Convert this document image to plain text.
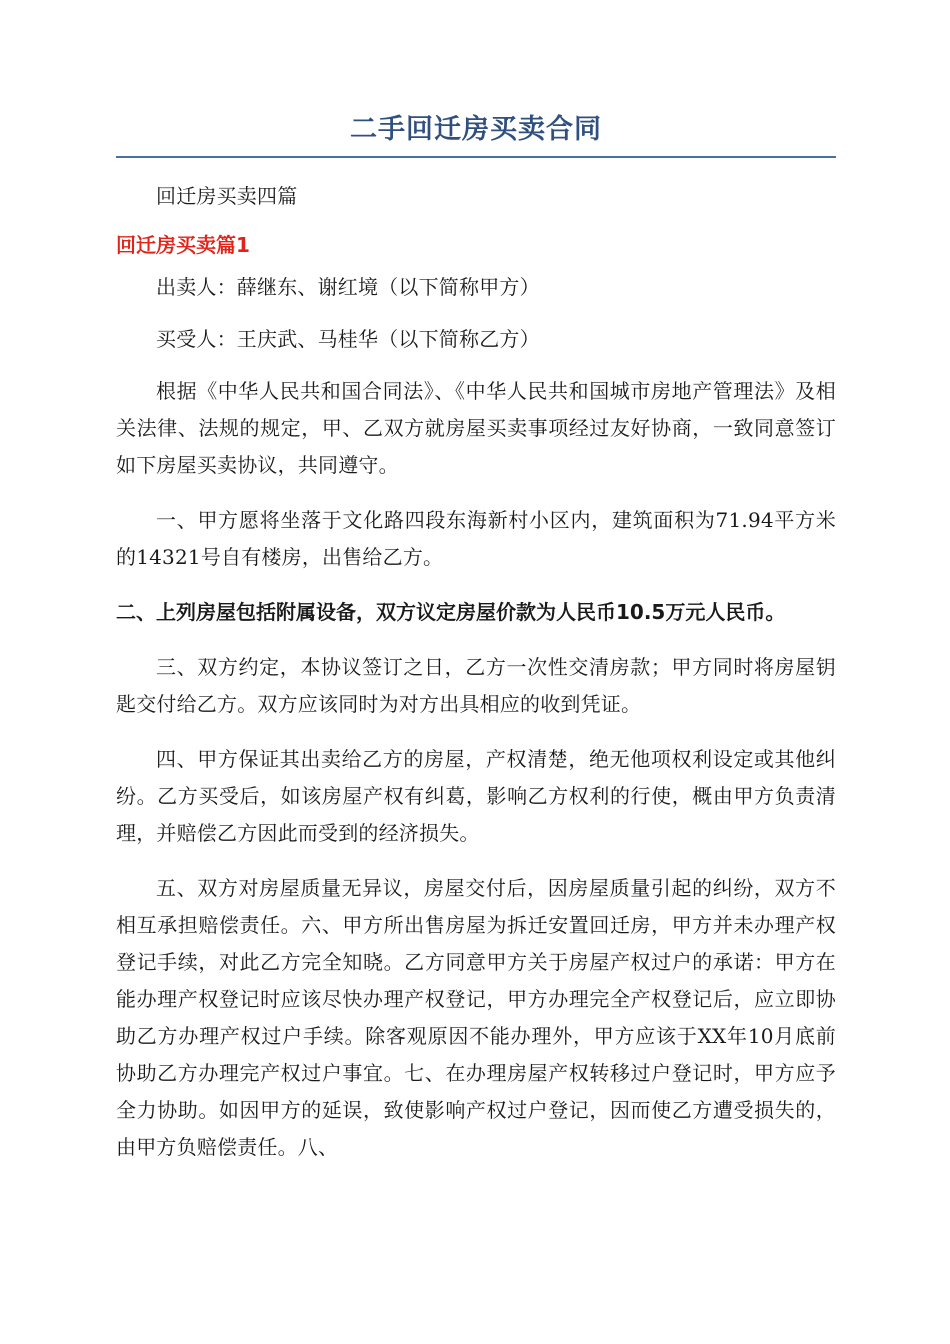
二手回迁房买卖合同

回迁房买卖四篇

回迁房买卖篇1

出卖人：薛继东、谢红境（以下简称甲方）

买受人：王庆武、马桂华（以下简称乙方）

根据《中华人民共和国合同法》、《中华人民共和国城市房地产管理法》及相关法律、法规的规定，甲、乙双方就房屋买卖事项经过友好协商，一致同意签订如下房屋买卖协议，共同遵守。

一、甲方愿将坐落于文化路四段东海新村小区内，建筑面积为71.94平方米的14321号自有楼房，出售给乙方。

二、上列房屋包括附属设备，双方议定房屋价款为人民币10.5万元人民币。

三、双方约定，本协议签订之日，乙方一次性交清房款；甲方同时将房屋钥匙交付给乙方。双方应该同时为对方出具相应的收到凭证。

四、甲方保证其出卖给乙方的房屋，产权清楚，绝无他项权利设定或其他纠纷。乙方买受后，如该房屋产权有纠葛，影响乙方权利的行使，概由甲方负责清理，并赔偿乙方因此而受到的经济损失。

五、双方对房屋质量无异议，房屋交付后，因房屋质量引起的纠纷，双方不相互承担赔偿责任。六、甲方所出售房屋为拆迁安置回迁房，甲方并未办理产权登记手续，对此乙方完全知晓。乙方同意甲方关于房屋产权过户的承诺：甲方在能办理产权登记时应该尽快办理产权登记，甲方办理完全产权登记后，应立即协助乙方办理产权过户手续。除客观原因不能办理外，甲方应该于XX年10月底前协助乙方办理完产权过户事宜。七、在办理房屋产权转移过户登记时，甲方应予全力协助。如因甲方的延误，致使影响产权过户登记，因而使乙方遭受损失的，由甲方负赔偿责任。八、
